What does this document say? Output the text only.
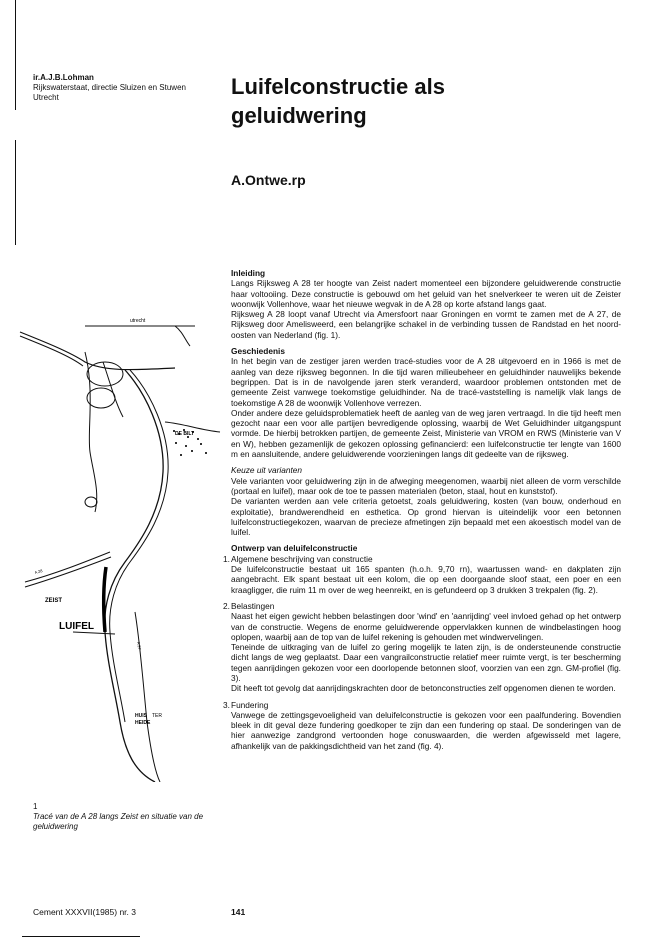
ir.A.J.B.Lohman
Rijkswaterstaat, directie Sluizen en Stuwen
Utrecht	Luifelconstructie als
geluidwering
A.Ontwe.rp
utrecht
DE BILT
ZEIST
LUIFEL
HUIS TER
HEIDE
A 28
A 27
1
Tracé van de A 28 langs Zeist en situatie van de geluidwering

Inleiding

Langs Rijksweg A 28 ter hoogte van Zeist nadert momenteel een bijzondere geluidwerende constructie haar voltooiing. Deze constructie is gebouwd om het geluid van het snelverkeer te weren uit de Zeister woonwijk Vollenhove, waar het nieuwe wegvak in de A 28 op korte afstand langs gaat.

Rijksweg A 28 loopt vanaf Utrecht via Amersfoort naar Groningen en vormt te zamen met de A 27, de Rijksweg door Amelisweerd, een belangrijke schakel in de verbinding tussen de Randstad en het noord-oosten van Nederland (fig. 1).

Geschiedenis

In het begin van de zestiger jaren werden tracé-studies voor de A 28 uitgevoerd en in 1966 is met de aanleg van deze rijksweg begonnen. In die tijd waren milieubeheer en geluidhinder nauwelijks bekende begrippen. Dat is in de navolgende jaren sterk veranderd, waardoor problemen ontstonden met de gemeente Zeist vanwege toekomstige geluidhinder. Na de tracé-vaststelling is namelijk vlak langs de toekomstige A 28 de woonwijk Vollenhove verrezen.

Onder andere deze geluidsproblematiek heeft de aanleg van de weg jaren vertraagd. In die tijd heeft men gezocht naar een voor alle partijen bevredigende oplossing, waarbij de Wet Geluidhinder uitgangspunt vormde. De hierbij betrokken partijen, de gemeente Zeist, Ministerie van VROM en RWS (Ministerie van V en W), hebben gezamenlijk de gekozen oplossing gefinancierd: een luifelconstructie ter lengte van 1600 m en aansluitende, andere geluidwerende voorzieningen langs dit gedeelte van de rijksweg.

Keuze uit varianten

Vele varianten voor geluidwering zijn in de afweging meegenomen, waarbij niet alleen de vorm verschilde (portaal en luifel), maar ook de toe te passen materialen (beton, staal, hout en kunststof).

De varianten werden aan vele criteria getoetst, zoals geluidwering, kosten (van bouw, onderhoud en exploitatie), brandwerendheid en esthetica. Op grond hiervan is uiteindelijk voor een betonnen luifelconstructiegekozen, waarvan de precieze afmetingen zijn bepaald met een akoestisch model van de luifel.

Ontwerp van deluifelconstructie

1. Algemene beschrijving van constructie

De luifelconstructie bestaat uit 165 spanten (h.o.h. 9,70 rn), waartussen wand- en dakplaten zijn aangebracht. Elk spant bestaat uit een kolom, die op een doorgaande sloof staat, een poer en een kraagligger, die ruim 11 m over de weg heenreikt, en is gefundeerd op 3 drukken 3 trekpalen (fig. 2).

2. Belastingen

Naast het eigen gewicht hebben belastingen door 'wind' en 'aanrijding' veel invloed gehad op het ontwerp van de constructie. Wegens de enorme geluidwerende oppervlakken kunnen de windbelastingen hoog oplopen, waarbij aan de top van de luifel rekening is gehouden met windwervelingen.

Teneinde de uitkraging van de luifel zo gering mogelijk te laten zijn, is de ondersteunende constructie dicht langs de weg geplaatst. Daar een vangrailconstructie relatief meer ruimte vergt, is ter bescherming tegen aanrijdingen gekozen voor een doorlopende betonnen sloof, voorzien van een zgn. GM-profiel (fig. 3).

Dit heeft tot gevolg dat aanrijdingskrachten door de betonconstructies zelf opgenomen dienen te worden.

3. Fundering

Vanwege de zettingsgevoeligheid van deluifelconstructie is gekozen voor een paalfundering. Bovendien bleek in dit geval deze fundering goedkoper te zijn dan een fundering op staal. De sonderingen van de hier aanwezige zandgrond vertoonden hoge conuswaarden, die werden afgewisseld met lagere, afhankelijk van de pakkingsdichtheid van het zand (fig. 4).

Cement XXXVII(1985) nr. 3	141
